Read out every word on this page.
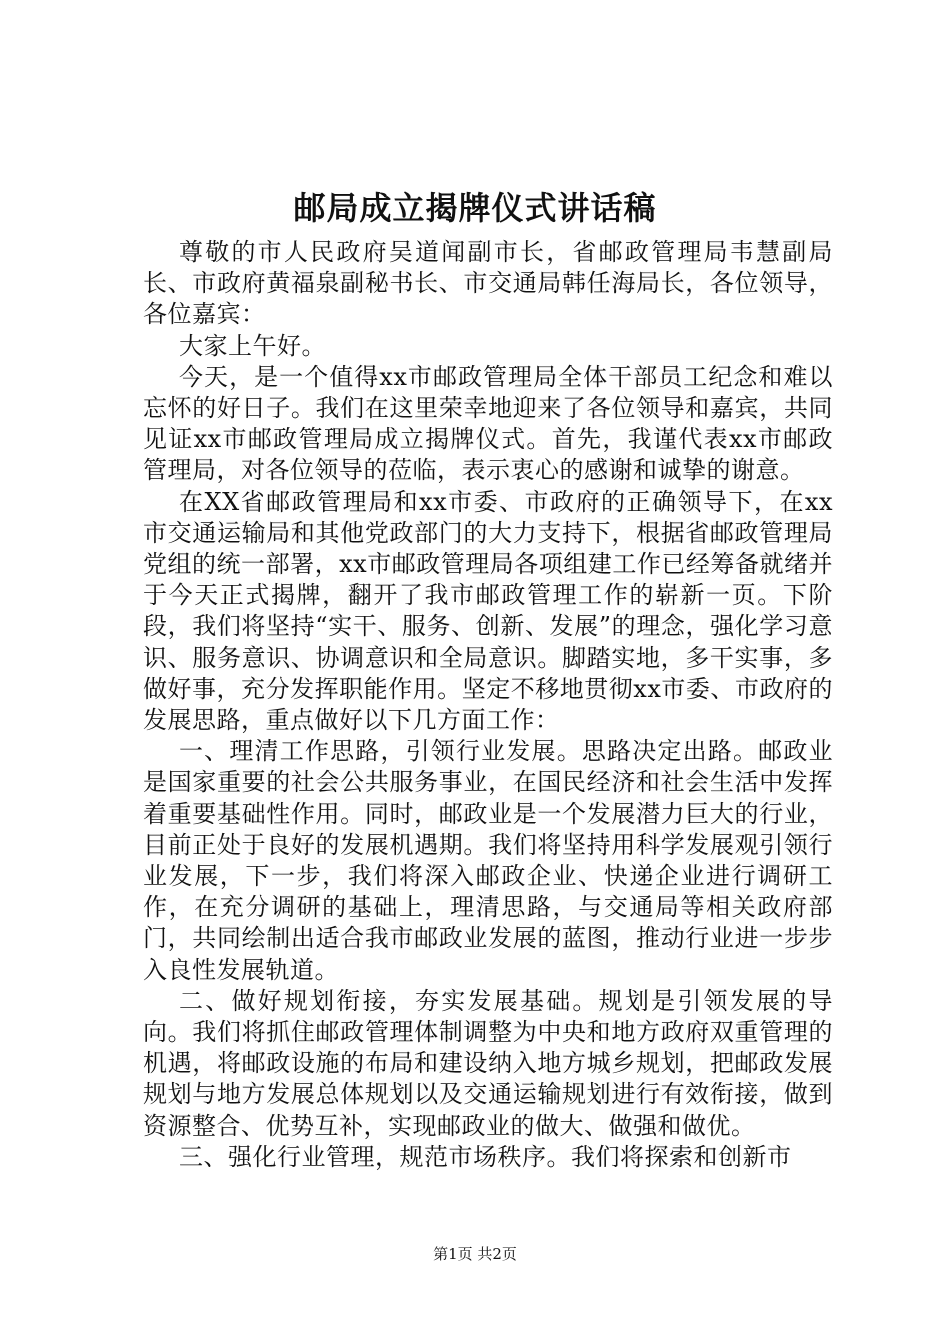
邮局成立揭牌仪式讲话稿

尊敬的市人民政府吴道闻副市长，省邮政管理局韦慧副局长、市政府黄福泉副秘书长、市交通局韩任海局长，各位领导，各位嘉宾：

大家上午好。

今天，是一个值得xx市邮政管理局全体干部员工纪念和难以忘怀的好日子。我们在这里荣幸地迎来了各位领导和嘉宾，共同见证xx市邮政管理局成立揭牌仪式。首先，我谨代表xx市邮政管理局，对各位领导的莅临，表示衷心的感谢和诚挚的谢意。

在XX省邮政管理局和xx市委、市政府的正确领导下，在xx市交通运输局和其他党政部门的大力支持下，根据省邮政管理局党组的统一部署，xx市邮政管理局各项组建工作已经筹备就绪并于今天正式揭牌，翻开了我市邮政管理工作的崭新一页。下阶段，我们将坚持“实干、服务、创新、发展”的理念，强化学习意识、服务意识、协调意识和全局意识。脚踏实地，多干实事，多做好事，充分发挥职能作用。坚定不移地贯彻xx市委、市政府的发展思路，重点做好以下几方面工作：

一、理清工作思路，引领行业发展。思路决定出路。邮政业是国家重要的社会公共服务事业，在国民经济和社会生活中发挥着重要基础性作用。同时，邮政业是一个发展潜力巨大的行业，目前正处于良好的发展机遇期。我们将坚持用科学发展观引领行业发展，下一步，我们将深入邮政企业、快递企业进行调研工作，在充分调研的基础上，理清思路，与交通局等相关政府部门，共同绘制出适合我市邮政业发展的蓝图，推动行业进一步步入良性发展轨道。

二、做好规划衔接，夯实发展基础。规划是引领发展的导向。我们将抓住邮政管理体制调整为中央和地方政府双重管理的机遇，将邮政设施的布局和建设纳入地方城乡规划，把邮政发展规划与地方发展总体规划以及交通运输规划进行有效衔接，做到资源整合、优势互补，实现邮政业的做大、做强和做优。

三、强化行业管理，规范市场秩序。我们将探索和创新市

第1页 共2页
